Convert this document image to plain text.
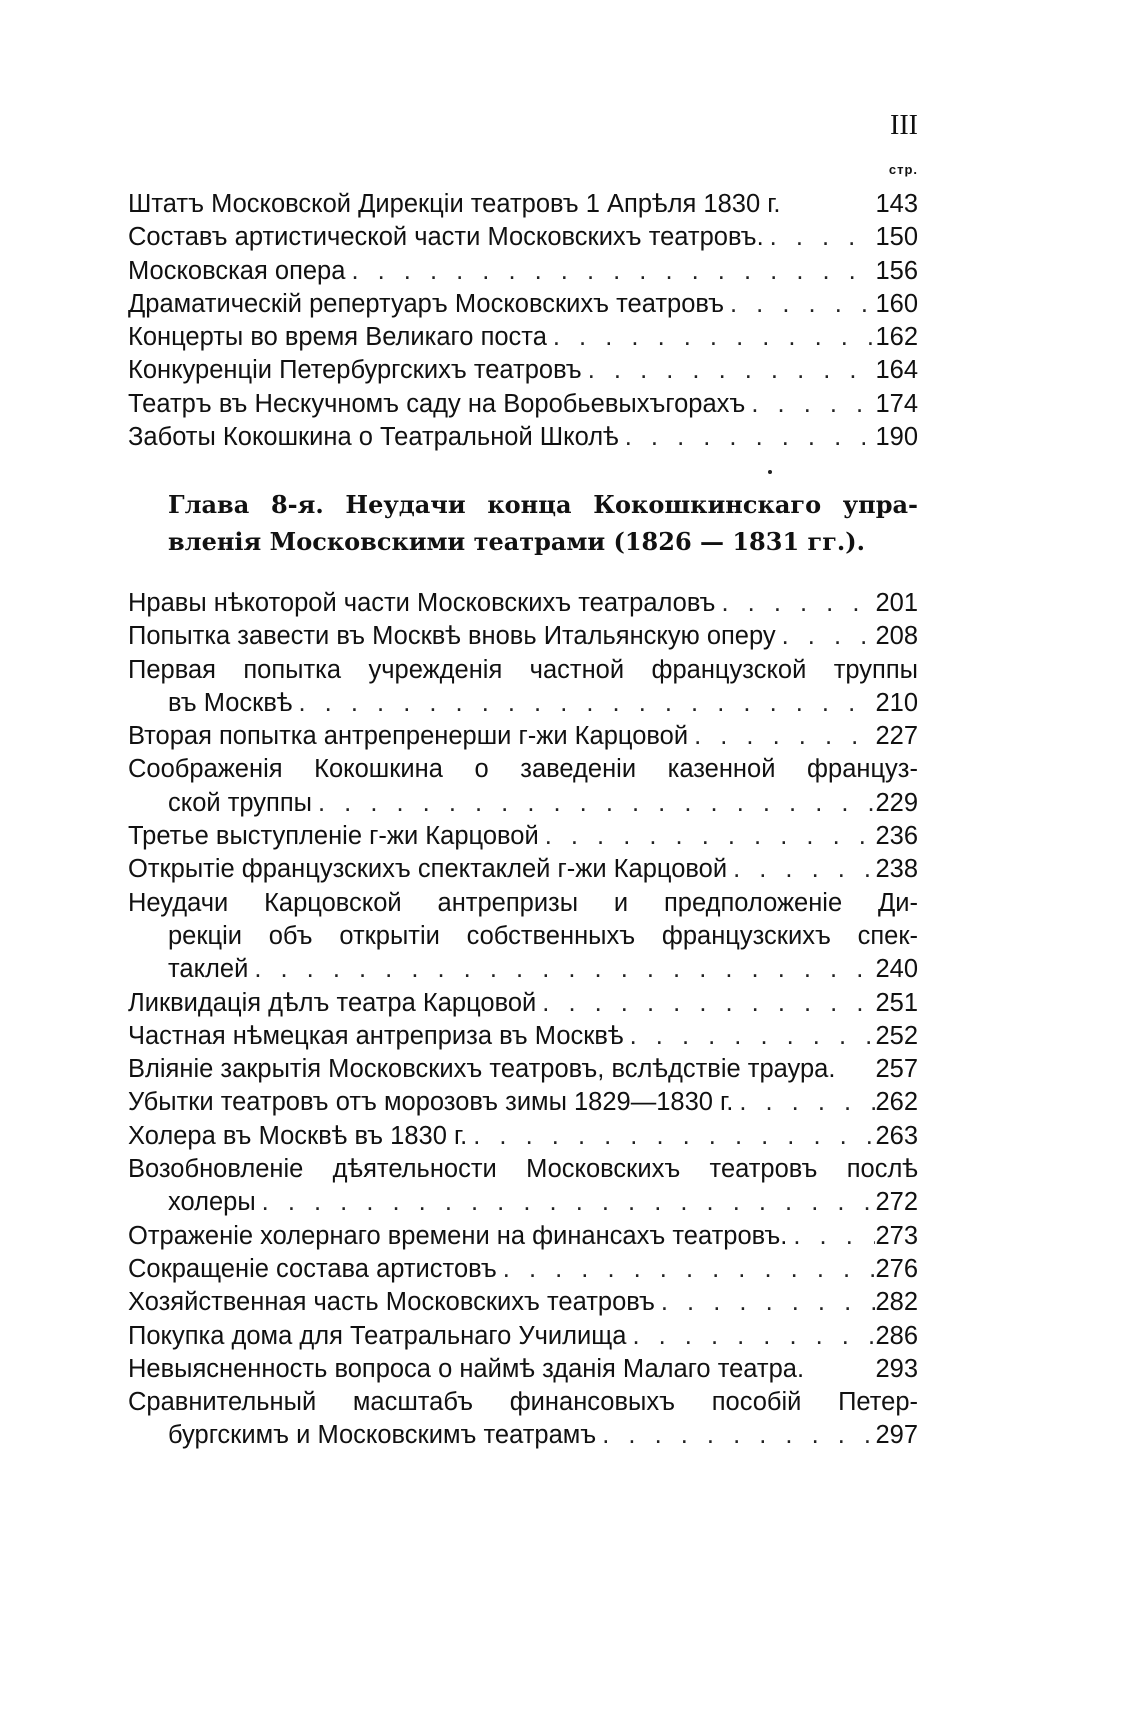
III
стр.
Штатъ Московской Дирекціи театровъ 1 Апрѣля 1830 г.	143
Составъ артистической части Московскихъ театровъ. . . .	150
Московская опера . . .	156
Драматическій репертуаръ Московскихъ театровъ . . .	160
Концерты во время Великаго поста . . .	162
Конкуренціи Петербургскихъ театровъ . . .	164
Театръ въ Нескучномъ саду на Воробьевыхъгорахъ . . .	174
Заботы Кокошкина о Театральной Школѣ . . .	190
Глава 8-я. Неудачи конца Кокошкинскаго упра-
вленія Московскими театрами (1826 — 1831 гг.).
Нравы нѣкоторой части Московскихъ театраловъ . . .	201
Попытка завести въ Москвѣ вновь Итальянскую оперу . . .	208
Первая попытка учрежденія частной французской труппы
въ Москвѣ . . .	210
Вторая попытка антрепренерши г-жи Карцовой . . .	227
Соображенія Кокошкина о заведеніи казенной француз-
ской труппы . . .	229
Третье выступленіе г-жи Карцовой . . .	236
Открытіе французскихъ спектаклей г-жи Карцовой . . .	238
Неудачи Карцовской антрепризы и предположеніе Ди-
рекціи объ открытіи собственныхъ французскихъ спек-
таклей . . .	240
Ликвидація дѣлъ театра Карцовой . . .	251
Частная нѣмецкая антреприза въ Москвѣ . . .	252
Вліяніе закрытія Московскихъ театровъ, вслѣдствіе траура. 257
Убытки театровъ отъ морозовъ зимы 1829—1830 г. . . .	262
Холера въ Москвѣ въ 1830 г. . . .	263
Возобновленіе дѣятельности Московскихъ театровъ послѣ
холеры . . .	272
Отраженіе холернаго времени на финансахъ театровъ. . . .	273
Сокращеніе состава артистовъ . . .	276
Хозяйственная часть Московскихъ театровъ . . .	282
Покупка дома для Театральнаго Училища . . .	286
Невыясненность вопроса о наймѣ зданія Малаго театра.	293
Сравнительный масштабъ финансовыхъ пособій Петер-
бургскимъ и Московскимъ театрамъ . . .	297
